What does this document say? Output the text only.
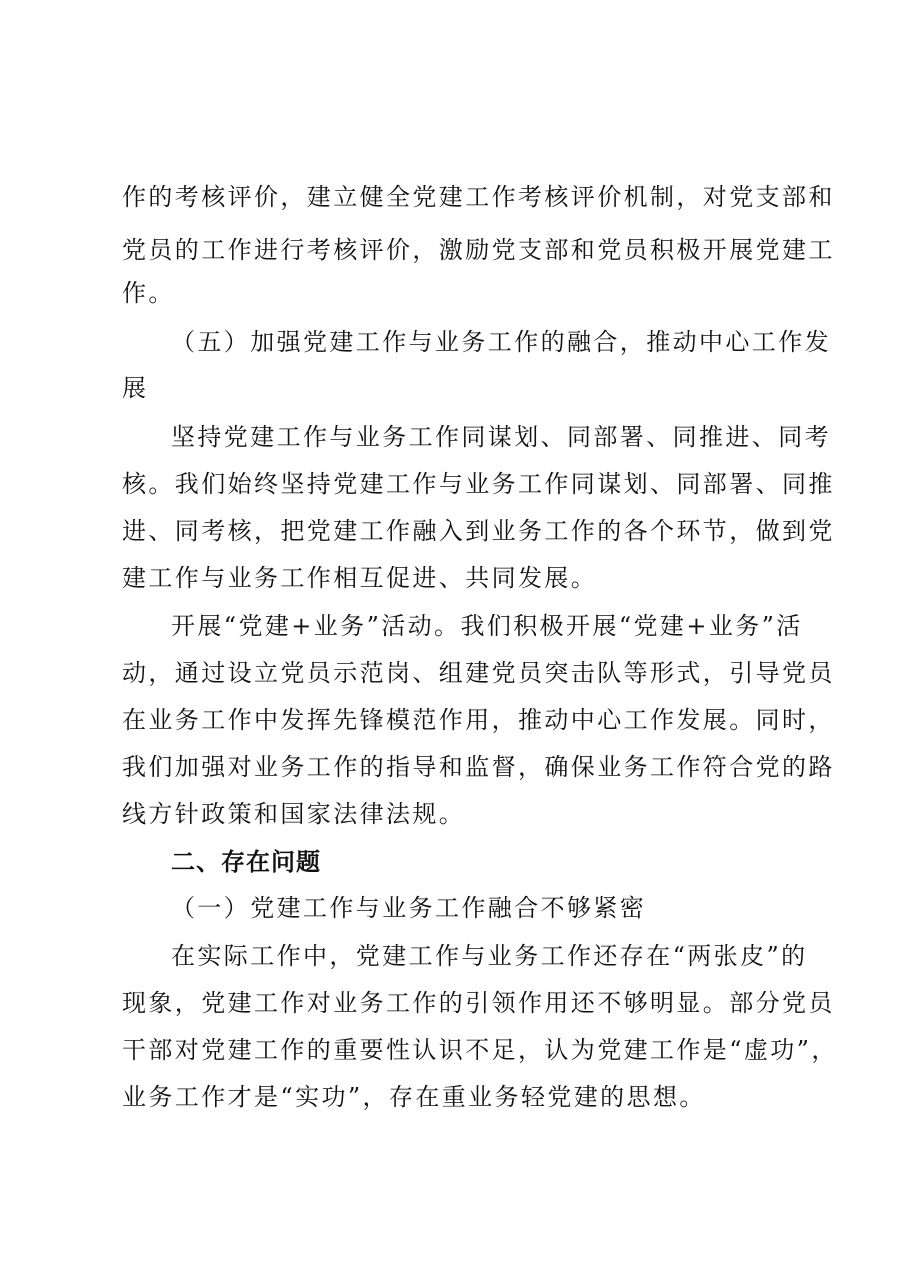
作的考核评价，建立健全党建工作考核评价机制，对党支部和
党员的工作进行考核评价，激励党支部和党员积极开展党建工
作。
（五）加强党建工作与业务工作的融合，推动中心工作发
展
坚持党建工作与业务工作同谋划、同部署、同推进、同考
核。我们始终坚持党建工作与业务工作同谋划、同部署、同推
进、同考核，把党建工作融入到业务工作的各个环节，做到党
建工作与业务工作相互促进、共同发展。
开展“党建+业务”活动。我们积极开展“党建+业务”活
动，通过设立党员示范岗、组建党员突击队等形式，引导党员
在业务工作中发挥先锋模范作用，推动中心工作发展。同时，
我们加强对业务工作的指导和监督，确保业务工作符合党的路
线方针政策和国家法律法规。
二、存在问题
（一）党建工作与业务工作融合不够紧密
在实际工作中，党建工作与业务工作还存在“两张皮”的
现象，党建工作对业务工作的引领作用还不够明显。部分党员
干部对党建工作的重要性认识不足，认为党建工作是“虚功”，
业务工作才是“实功”，存在重业务轻党建的思想。
